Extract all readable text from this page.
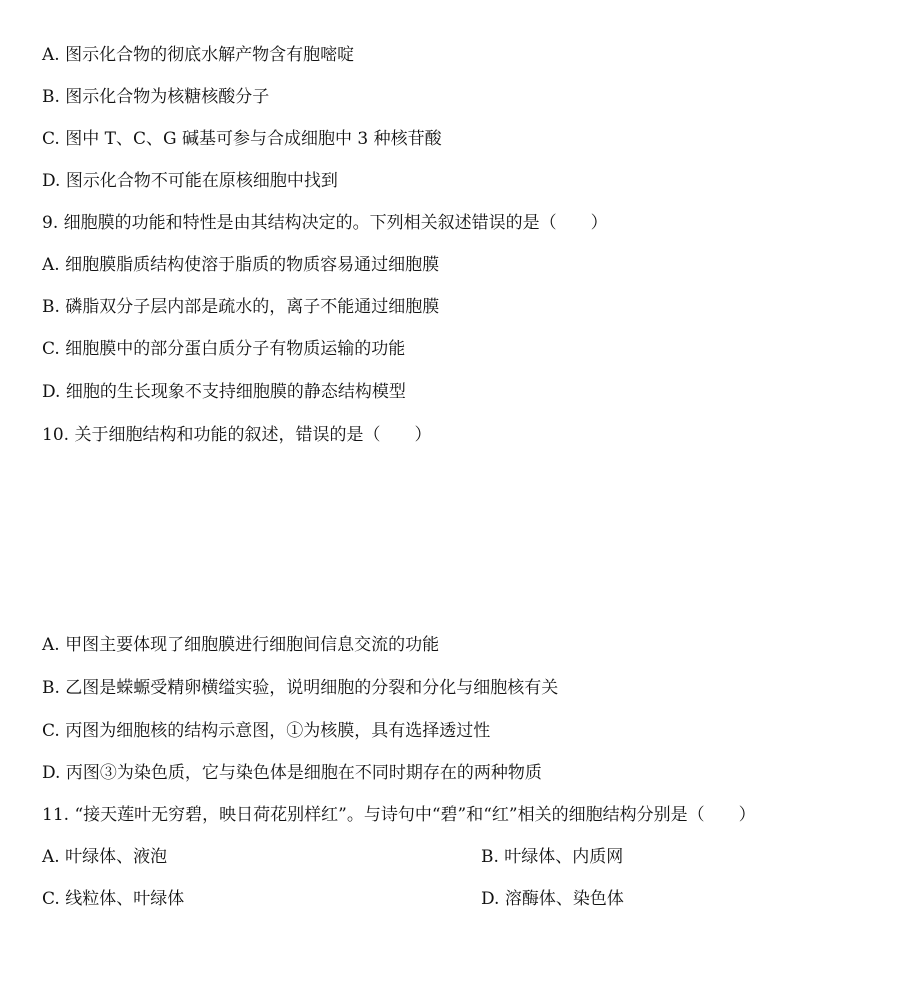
A. 图示化合物的彻底水解产物含有胞嘧啶
B. 图示化合物为核糖核酸分子
C. 图中 T、C、G 碱基可参与合成细胞中 3 种核苷酸
D. 图示化合物不可能在原核细胞中找到
9. 细胞膜的功能和特性是由其结构决定的。下列相关叙述错误的是（　　）
A. 细胞膜脂质结构使溶于脂质的物质容易通过细胞膜
B. 磷脂双分子层内部是疏水的，离子不能通过细胞膜
C. 细胞膜中的部分蛋白质分子有物质运输的功能
D. 细胞的生长现象不支持细胞膜的静态结构模型
10. 关于细胞结构和功能的叙述，错误的是（　　）
A. 甲图主要体现了细胞膜进行细胞间信息交流的功能
B. 乙图是蝾螈受精卵横缢实验，说明细胞的分裂和分化与细胞核有关
C. 丙图为细胞核的结构示意图，①为核膜，具有选择透过性
D. 丙图③为染色质，它与染色体是细胞在不同时期存在的两种物质
11. “接天莲叶无穷碧，映日荷花别样红”。与诗句中“碧”和“红”相关的细胞结构分别是（　　）
A. 叶绿体、液泡	B. 叶绿体、内质网
C. 线粒体、叶绿体	D. 溶酶体、染色体
